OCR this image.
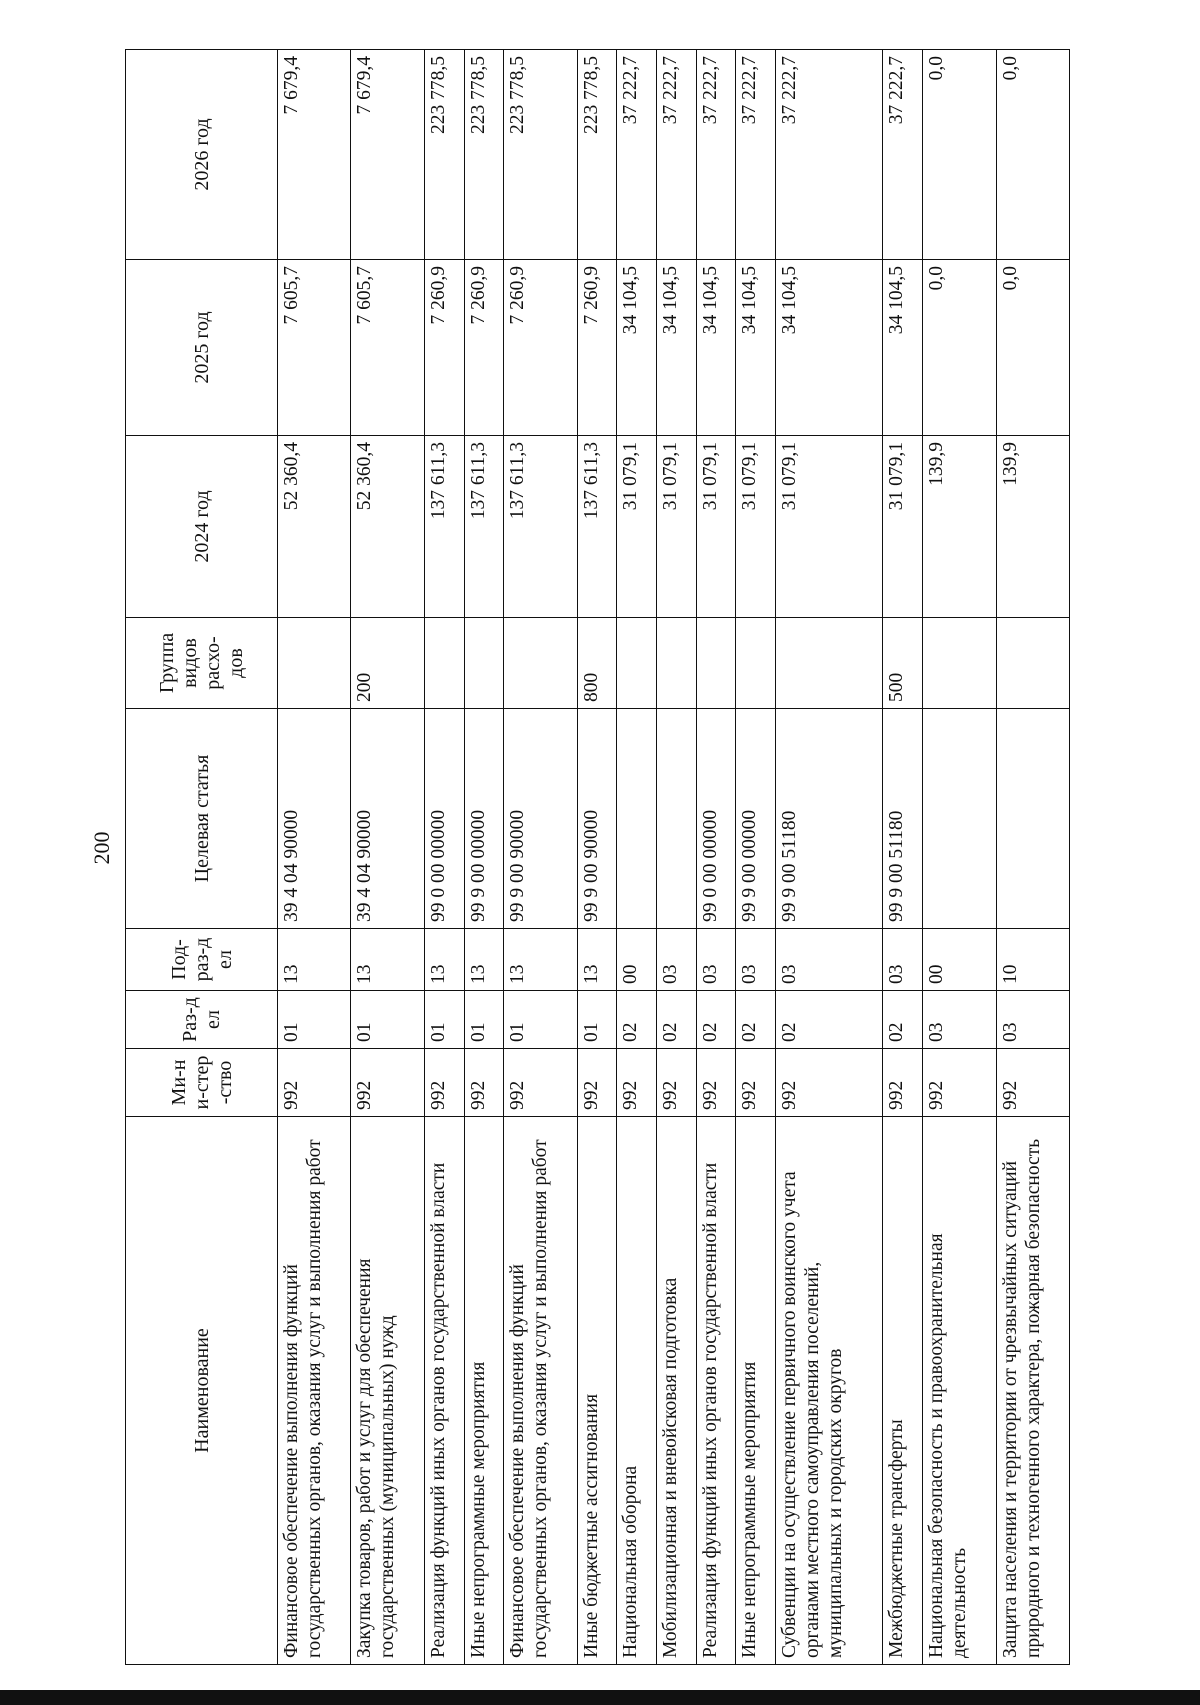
200
Наименование	Ми-ни-стер-ство	Раз-дел	Под-раз-дел	Целевая статья	Группа видов расхо-дов	2024 год	2025 год	2026 год
Финансовое обеспечение выполнения функций государственных органов, оказания услуг и выполнения работ	992	01	13	39 4 04 90000		52 360,4	7 605,7	7 679,4
Закупка товаров, работ и услуг для обеспечения государственных (муниципальных) нужд	992	01	13	39 4 04 90000	200	52 360,4	7 605,7	7 679,4
Реализация функций иных органов государственной власти	992	01	13	99 0 00 00000		137 611,3	7 260,9	223 778,5
Иные непрограммные мероприятия	992	01	13	99 9 00 00000		137 611,3	7 260,9	223 778,5
Финансовое обеспечение выполнения функций государственных органов, оказания услуг и выполнения работ	992	01	13	99 9 00 90000		137 611,3	7 260,9	223 778,5
Иные бюджетные ассигнования	992	01	13	99 9 00 90000	800	137 611,3	7 260,9	223 778,5
Национальная оборона	992	02	00			31 079,1	34 104,5	37 222,7
Мобилизационная и вневойсковая подготовка	992	02	03			31 079,1	34 104,5	37 222,7
Реализация функций иных органов государственной власти	992	02	03	99 0 00 00000		31 079,1	34 104,5	37 222,7
Иные непрограммные мероприятия	992	02	03	99 9 00 00000		31 079,1	34 104,5	37 222,7
Субвенции на осуществление первичного воинского учета органами местного самоуправления поселений, муниципальных и городских округов	992	02	03	99 9 00 51180		31 079,1	34 104,5	37 222,7
Межбюджетные трансферты	992	02	03	99 9 00 51180	500	31 079,1	34 104,5	37 222,7
Национальная безопасность и правоохранительная деятельность	992	03	00			139,9	0,0	0,0
Защита населения и территории от чрезвычайных ситуаций природного и техногенного характера, пожарная безопасность	992	03	10			139,9	0,0	0,0
